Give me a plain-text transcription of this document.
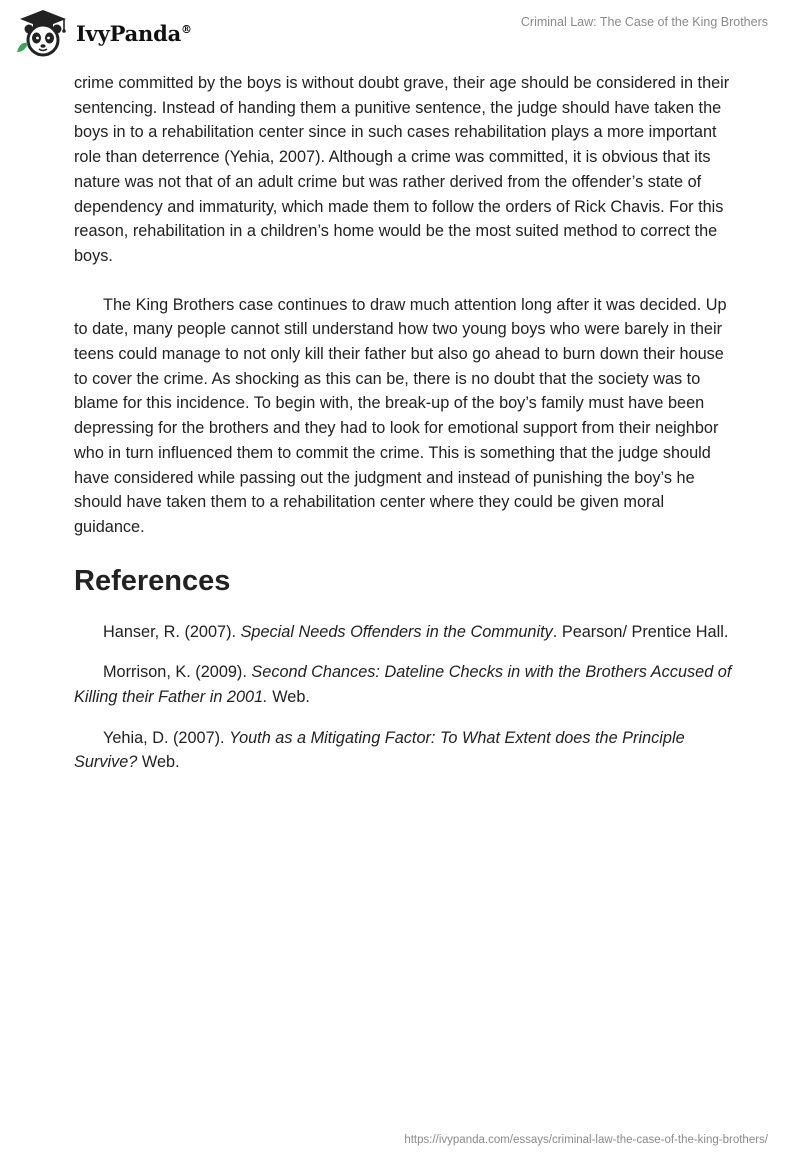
IvyPanda®	Criminal Law: The Case of the King Brothers

crime committed by the boys is without doubt grave, their age should be considered in their sentencing. Instead of handing them a punitive sentence, the judge should have taken the boys in to a rehabilitation center since in such cases rehabilitation plays a more important role than deterrence (Yehia, 2007). Although a crime was committed, it is obvious that its nature was not that of an adult crime but was rather derived from the offender’s state of dependency and immaturity, which made them to follow the orders of Rick Chavis. For this reason, rehabilitation in a children’s home would be the most suited method to correct the boys.

The King Brothers case continues to draw much attention long after it was decided. Up to date, many people cannot still understand how two young boys who were barely in their teens could manage to not only kill their father but also go ahead to burn down their house to cover the crime. As shocking as this can be, there is no doubt that the society was to blame for this incidence. To begin with, the break-up of the boy’s family must have been depressing for the brothers and they had to look for emotional support from their neighbor who in turn influenced them to commit the crime. This is something that the judge should have considered while passing out the judgment and instead of punishing the boy’s he should have taken them to a rehabilitation center where they could be given moral guidance.

References

Hanser, R. (2007). Special Needs Offenders in the Community. Pearson/ Prentice Hall.

Morrison, K. (2009). Second Chances: Dateline Checks in with the Brothers Accused of Killing their Father in 2001. Web.

Yehia, D. (2007). Youth as a Mitigating Factor: To What Extent does the Principle Survive? Web.

https://ivypanda.com/essays/criminal-law-the-case-of-the-king-brothers/
